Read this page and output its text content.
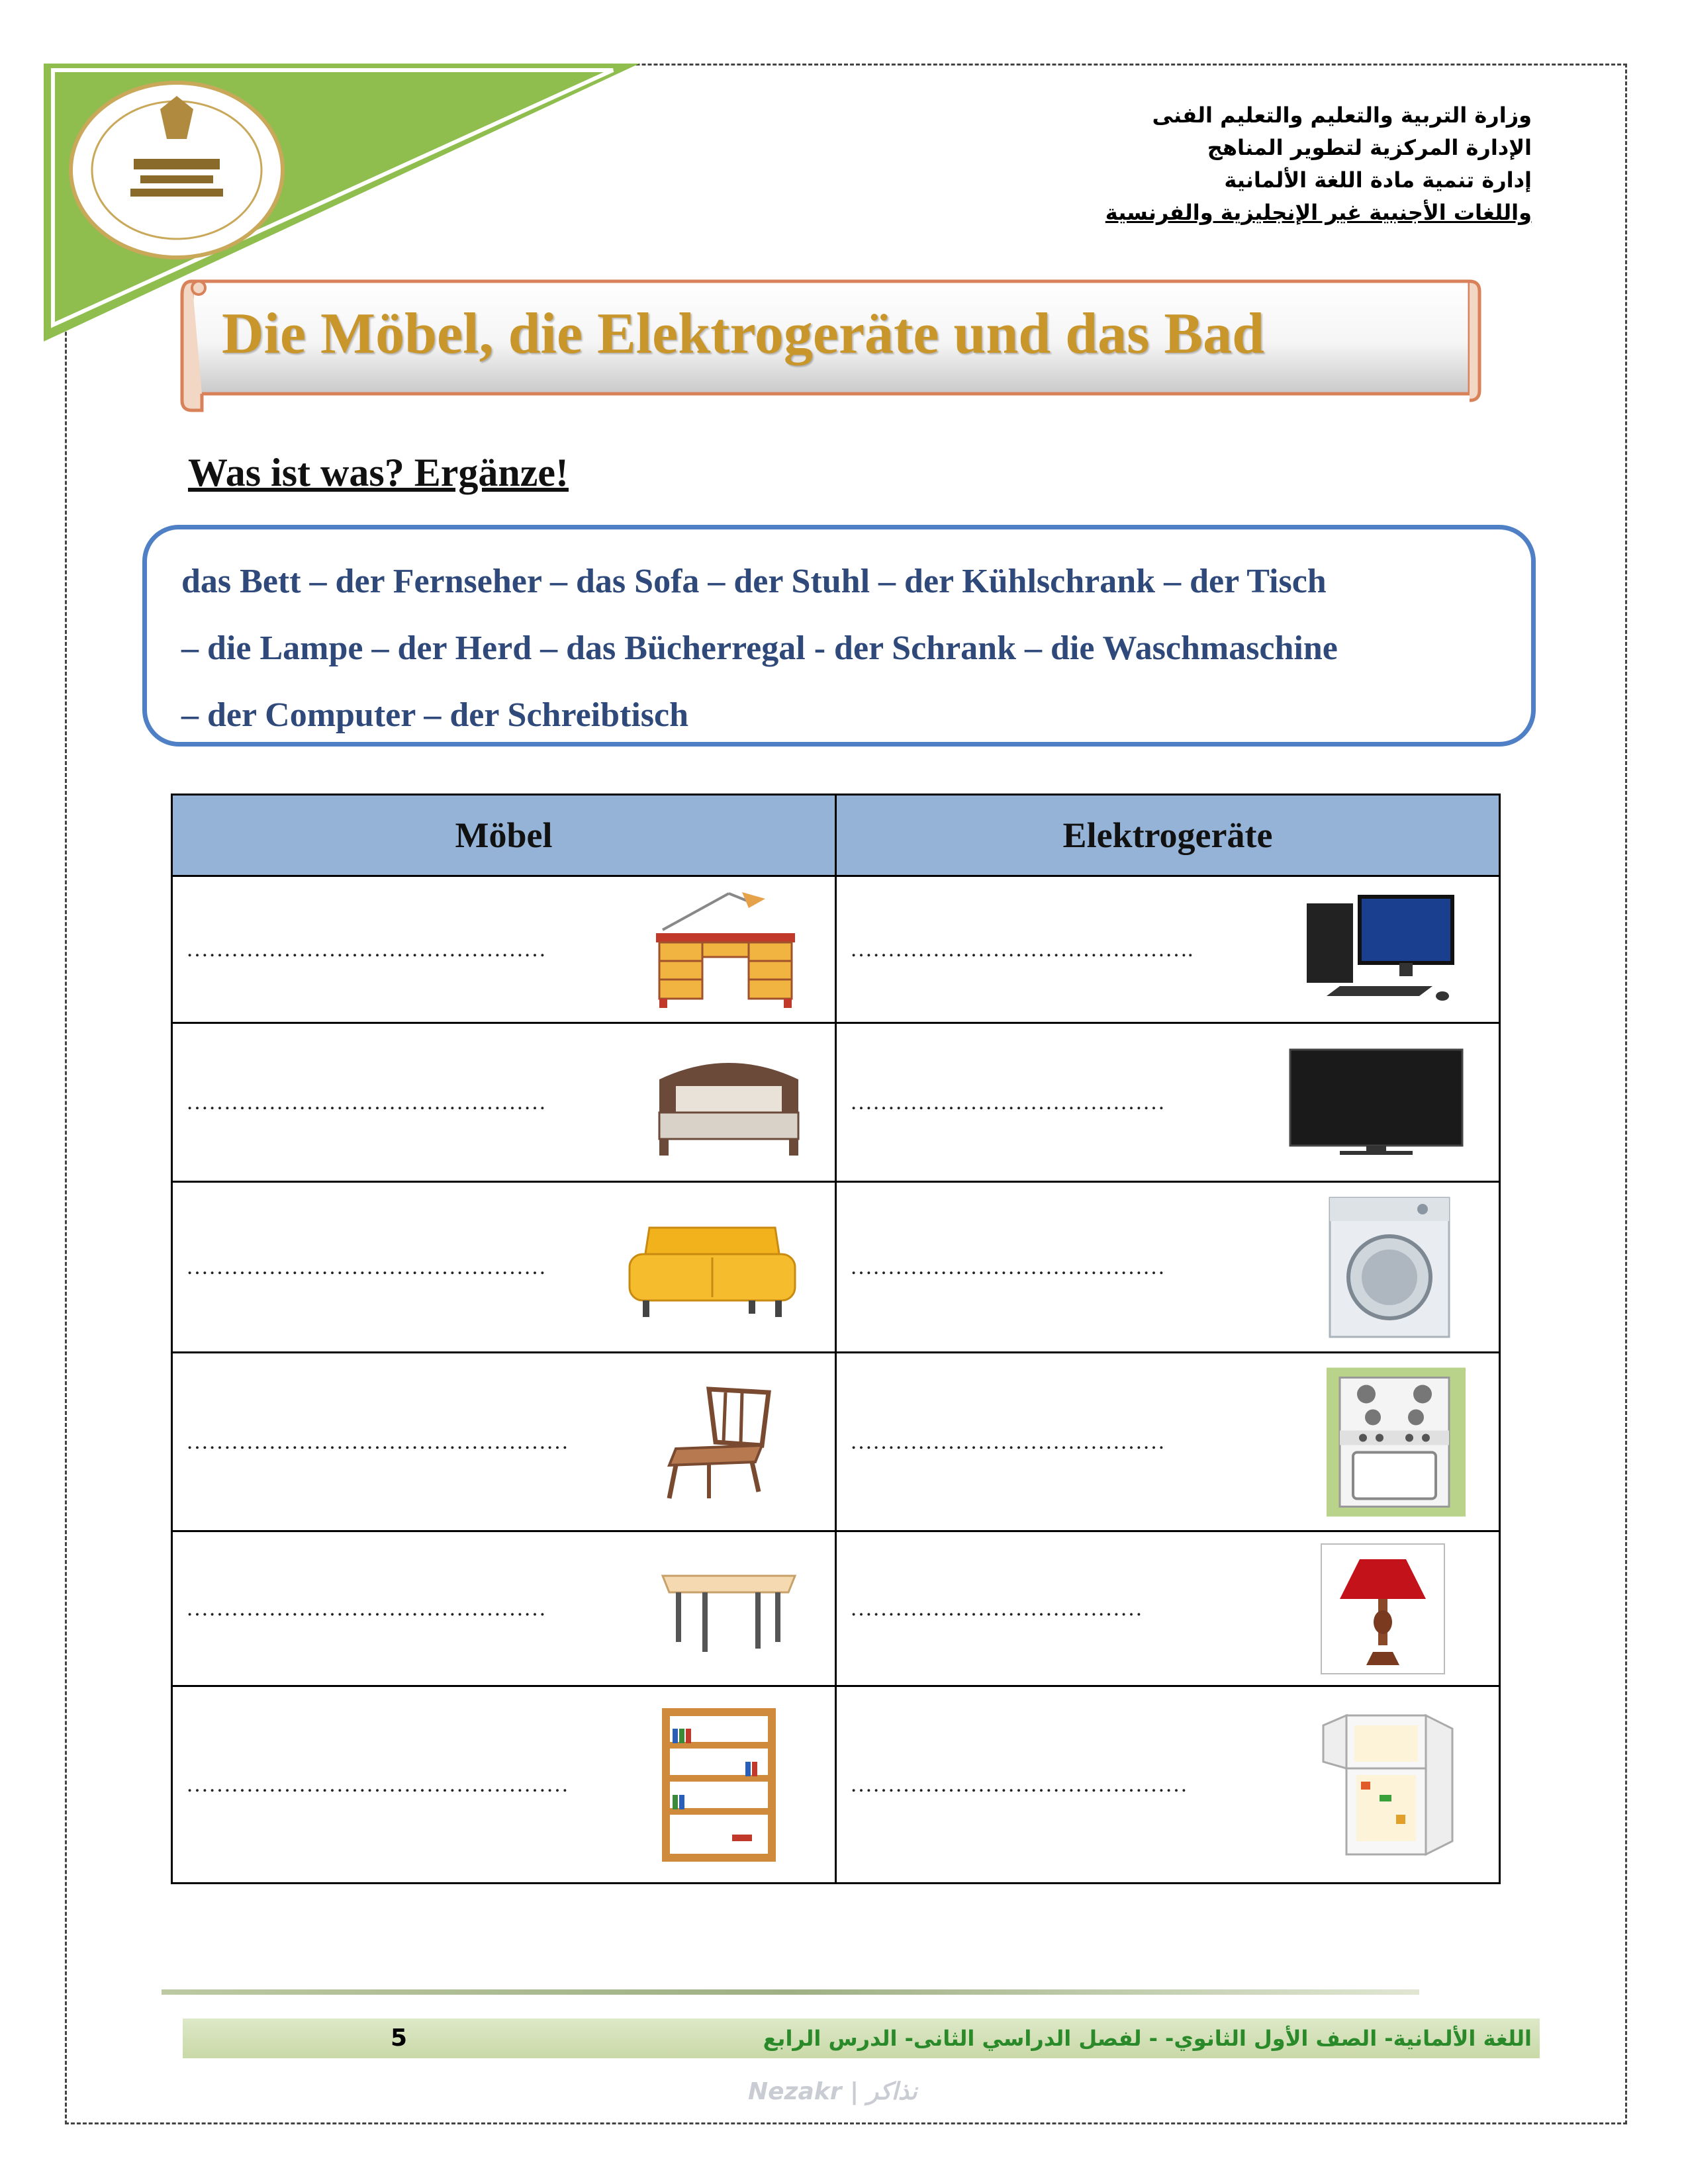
وزارة التربية والتعليم والتعليم الفنى
الإدارة المركزية لتطوير المناهج
إدارة تنمية مادة اللغة الألمانية
واللغات الأجنبية غير الإنجليزية والفرنسية
Die Möbel, die Elektrogeräte und das Bad
Was ist was? Ergänze!
das Bett – der Fernseher – das Sofa – der Stuhl – der Kühlschrank – der Tisch
– die Lampe – der Herd – das Bücherregal - der Schrank – die Waschmaschine
– der Computer – der Schreibtisch
Möbel	Elektrogeräte

…………………………………………	……………………………………….

…………………………………………	……………………………………

…………………………………………	……………………………………

……………………………………………	……………………………………

…………………………………………	…………………………………

……………………………………………	………………………………………
5	اللغة الألمانية- الصف الأول الثانوي- - لفصل الدراسي الثانى- الدرس الرابع
Nezakr | نذاكر
